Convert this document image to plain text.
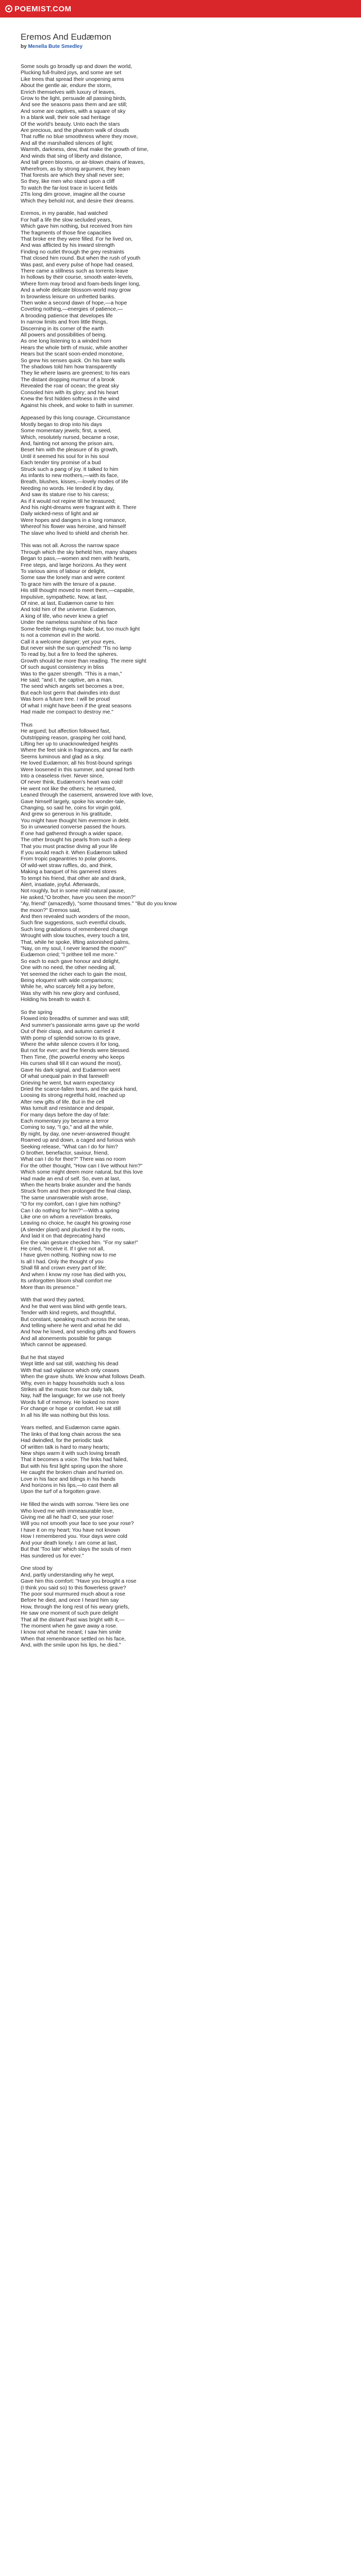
POEMIST.COM
Eremos And Eudæmon
by Menella Bute Smedley
Some souls go broadly up and down the world,
Plucking full-fruited joys, and some are set
Like trees that spread their unopening arms
About the gentle air, endure the storm,
Enrich themselves with luxury of leaves,
Grow to the light, persuade all passing birds,
And see the seasons pass them and are still;
And some are captives, with a square of sky
In a blank wall, their sole sad heritage
Of the world's beauty. Unto each the stars
Are precious, and the phantom walk of clouds
That ruffle no blue smoothness where they move,
And all the marshalled silences of light;
Warmth, darkness, dew, that make the growth of time,
And winds that sing of liberty and distance,
And tall green blooms, or air-blown chains of leaves,
Wherefrom, as by strong argument, they learn
That forests are which they shall never see;
So they, like men who stand upon a cliff
To watch the far-lost trace in lucent fields
2Tis long dim groove, imagine all the course
Which they behold not, and desire their dreams.
Eremos, in my parable, had watched
For half a life the slow secluded years,
Which gave him nothing, but received from him
The fragments of those fine capacities
That broke ere they were filled. For he lived on,
And was afflicted by his inward strength
Finding no outlet through the grey restraints
That closed him round. But when the rush of youth
Was past, and every pulse of hope had ceased,
There came a stillness such as torrents leave
In hollows by their course, smooth water-levels,
Where form may brood and foam-beds linger long,
And a whole delicate blossom-world may grow
In brownless leisure on unfretted banks.
Then woke a second dawn of hope,—a hope
Coveting nothing,—energies of patience,—
A brooding patience that developes life
In narrow limits and from little things,
Discerning in its corner of the earth
All powers and possibilities of being.
As one long listening to a winded horn
Hears the whole birth of music, while another
Hears but the scant soon-ended monotone,
So grew his senses quick. On his bare walls
The shadows told him how transparently
They lie where lawns are greenest; to his ears
The distant dropping murmur of a brook
Revealed the roar of ocean; the great sky
Consoled him with its glory; and his heart
Knew the first hidden softness in the wind
Against his cheek, and woke to faith in summer.
Appeased by this long courage, Circumstance
Mostly began to drop into his days
Some momentary jewels; first, a seed,
Which, resolutely nursed, became a rose,
And, fainting not among the prison airs,
Beset him with the pleasure of its growth,
Until it seemed his soul for in his soul
Each tender tiny promise of a bud
Struck such a pang of joy. It talked to him
As infants to new mothers,—with its face,
Breath, blushes, kisses,—lovely modes of life
Needing no words. He tended it by day,
And saw its stature rise to his caress;
As if it would not repine till he treasured;
And his night-dreams were fragrant with it. There
Daily wicked-ness of light and air
Were hopes and dangers in a long romance,
Whereof his flower was heroine, and himself
The slave who lived to shield and cherish her.
This was not all. Across the narrow space
Through which the sky beheld him, many shapes
Began to pass,—women and men with hearts,
Free steps, and large horizons. As they went
To various aims of labour or delight,
Some saw the lonely man and were content
To grace him with the tenure of a pause.
His still thought moved to meet them,—capable,
Impulsive, sympathetic. Now, at last,
Of nine, at last, Eudæmon came to him
And told him of the universe. Eudæmon,
A king of life, who never knew a grief
Under the nameless sunshine of his face
Some feeble things might fade; but, too much light
Is not a common evil in the world.
Call it a welcome danger; yet your eyes,
But never wish the sun quenched! 'Tis no lamp
To read by, but a fire to feed the spheres.
Growth should be more than reading. The mere sight
Of such august consistency in bliss
Was to the gazer strength. "This is a man,"
He said; "and I, the captive, am a man.
The seed which angels set becomes a tree,
But each lost germ that dwindles into dust
Was born a future tree. I will be proud
Of what I might have been if the great seasons
Had made me compact to destroy me."
Thus
He argued; but affection followed fast,
Outstripping reason, grasping her cold hand,
Lifting her up to unacknowledged heights
Where the feet sink in fragrances, and far earth
Seems luminous and glad as a sky.
He loved Eudæmon; all his frost-bound springs
Were loosened in this summer, and spread forth
Into a ceaseless river. Never since,
Of never think, Eudæmon's heart was cold!
He went not like the others; he returned,
Leaned through the casement, answered love with love,
Gave himself largely, spoke his wonder-tale,
Changing, so said he, coins for virgin gold,
And grew so generous in his gratitude,
You might have thought him evermore in debt.
So in unwearied converse passed the hours.
If one had gathered through a wider space,
The other brought his pearls from such a deep
That you must practise diving all your life
If you would reach it. When Eudæmon talked
From tropic pageantries to polar glooms,
Of wild-wet straw ruffles, do, and think,
Making a banquet of his garnered stores
To tempt his friend, that other ate and drank,
Alert, insatiate, joyful. Afterwards,
Not roughly, but in some mild natural pause,
He asked,"O brother, have you seen the moon?"
"Ay, friend" (amazedly), "some thousand times." "But do you know
the moon?" Eremos said,
And then revealed such wonders of the moon,
Such fine suggestions, such eventful clouds,
Such long gradations of remembered change
Wrought with slow touches, every touch a tint,
That, while he spoke, lifting astonished palms,
"Nay, on my soul, I never learned the moon!"
Eudæmon cried; "I prithee tell me more."
So each to each gave honour and delight,
One with no need, the other needing all,
Yet seemed the richer each to gain the most,
Being eloquent with wide comparisons;
While he, who scarcely felt a joy before,
Was shy with his new glory and confused,
Holding his breath to watch it.
So the spring
Flowed into breadths of summer and was still;
And summer's passionate arms gave up the world
Out of their clasp, and autumn carried it
With pomp of splendid sorrow to its grave,
Where the white silence covers it for long,
But not for ever; and the friends were blessed.
Then Time, (the powerful enemy who keeps
His curses shall till it can wound the most),
Gave his dark signal, and Eudæmon went
Of what unequal pain in that farewell!
Grieving he went, but warm expectancy
Dried the scarce-fallen tears, and the quick hand,
Loosing its strong regretful hold, reached up
After new gifts of life. But in the cell
Was tumult and resistance and despair,
For many days before the day of fate:
Each momentary joy became a terror
Coming to say, "I go," and all the while,
By night, by day, one never-answered thought
Roamed up and down, a caged and furious wish
Seeking release, "What can I do for him?
O brother, benefactor, saviour, friend,
What can I do for thee?" There was no room
For the other thought, "How can I live without him?"
Which some might deem more natural, but this love
Had made an end of self. So, even at last,
When the hearts brake asunder and the hands
Struck from and then prolonged the final clasp,
The same unanswerable wish arose,
"O for my comfort, can I give him nothing?
Can I do nothing for him?"—With a spring
Like one on whom a revelation breaks,
Leaving no choice, he caught his growing rose
(A slender plant) and plucked it by the roots,
And laid it on that deprecating hand
Ere the vain gesture checked him. "For my sake!"
He cried, "receive it. If I give not all,
I have given nothing. Nothing now to me
Is all I had. Only the thought of you
Shall fill and crown every part of life;
And when I know my rose has died with you,
Its unforgotten bloom shall comfort me
More than its presence."
With that word they parted,
And he that went was blind with gentle tears,
Tender with kind regrets, and thoughtful,
But constant, speaking much across the seas,
And telling where he went and what he did
And how he loved, and sending gifts and flowers
And all atonements possible for pangs
Which cannot be appeased.
But he that stayed
Wept little and sat still, watching his dead
With that sad vigilance which only ceases
When the grave shuts. We know what follows Death.
Why, even in happy households such a loss
Strikes all the music from our daily talk,
Nay, half the language; for we use not freely
Words full of memory. He looked no more
For change or hope or comfort. He sat still
In all his life was nothing but this loss.
Years melted, and Eudæmon came again.
The links of that long chain across the sea
Had dwindled, for the periodic task
Of written talk is hard to many hearts;
New ships warm it with such loving breath
That it becomes a voice. The links had failed,
But with his first light spring upon the shore
He caught the broken chain and hurried on.
Love in his face and tidings in his hands
And horizons in his lips,—to cast them all
Upon the turf of a forgotten grave.
He filled the winds with sorrow. "Here lies one
Who loved me with immeasurable love,
Giving me all he had! O, see your rose!
Will you not smooth your face to see your rose?
I have it on my heart; You have not known
How I remembered you. Your days were cold
And your death lonely. I am come at last,
But that 'Too late' which slays the souls of men
Has sundered us for ever."
One stood by
And, partly understanding why he wept,
Gave him this comfort: "Have you brought a rose
(I think you said so) to this flowerless grave?
The poor soul murmured much about a rose
Before he died, and once I heard him say
How, through the long rest of his weary griefs,
He saw one moment of such pure delight
That all the distant Past was bright with it,—
The moment when he gave away a rose.
I know not what he meant; I saw him smile
When that remembrance settled on his face,
And, with the smile upon his lips, he died."
